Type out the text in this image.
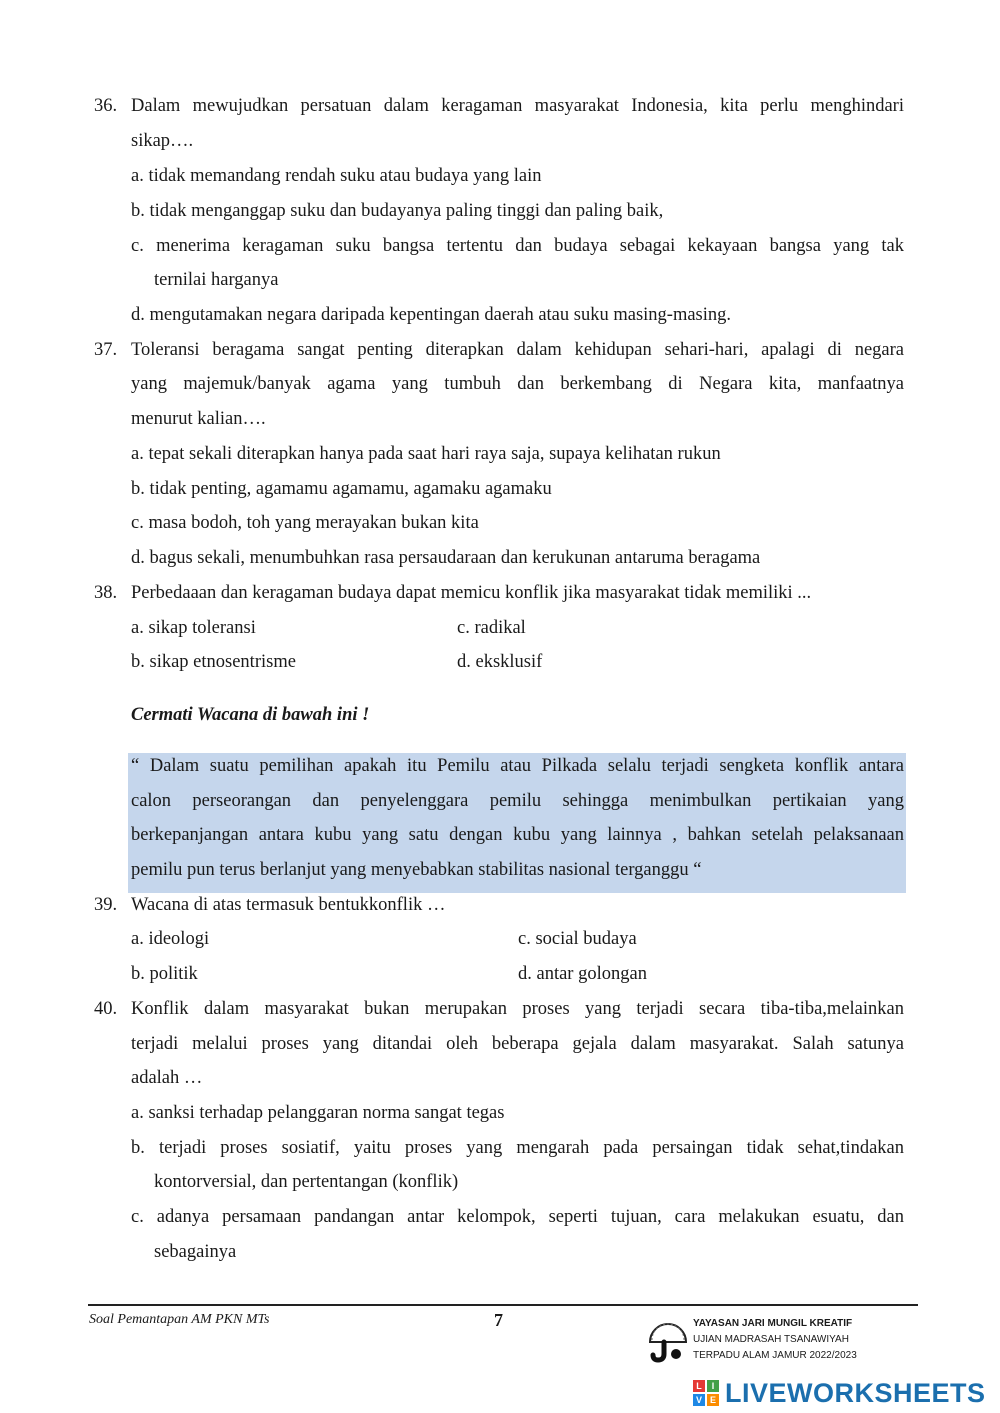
36. Dalam mewujudkan persatuan dalam keragaman masyarakat Indonesia, kita perlu menghindari
sikap….
a. tidak memandang rendah suku atau budaya yang lain
b. tidak menganggap suku dan budayanya paling tinggi dan paling baik,
c. menerima keragaman suku bangsa tertentu dan budaya sebagai kekayaan bangsa yang tak
ternilai harganya
d. mengutamakan negara daripada kepentingan daerah atau suku masing-masing.
37. Toleransi beragama sangat penting diterapkan dalam kehidupan sehari-hari, apalagi di negara
yang majemuk/banyak agama yang tumbuh dan berkembang di Negara kita, manfaatnya
menurut kalian….
a. tepat sekali diterapkan hanya pada saat hari raya saja, supaya kelihatan rukun
b. tidak penting, agamamu agamamu, agamaku agamaku
c. masa bodoh, toh yang merayakan bukan kita
d. bagus sekali, menumbuhkan rasa persaudaraan dan kerukunan antaruma beragama
38. Perbedaaan dan keragaman budaya dapat memicu konflik jika masyarakat tidak memiliki ...
a. sikap toleransi	c. radikal
b. sikap etnosentrisme	d. eksklusif
Cermati Wacana di bawah ini !
“ Dalam suatu pemilihan apakah itu Pemilu atau Pilkada selalu terjadi sengketa konflik antara
calon perseorangan dan penyelenggara pemilu sehingga menimbulkan pertikaian yang
berkepanjangan antara kubu yang satu dengan kubu yang lainnya , bahkan setelah pelaksanaan
pemilu pun terus berlanjut yang menyebabkan stabilitas nasional terganggu “
39. Wacana di atas termasuk bentukkonflik …
a. ideologi	c. social budaya
b. politik	d. antar golongan
40. Konflik dalam masyarakat bukan merupakan proses yang terjadi secara tiba-tiba,melainkan
terjadi melalui proses yang ditandai oleh beberapa gejala dalam masyarakat. Salah satunya
adalah …
a. sanksi terhadap pelanggaran norma sangat tegas
b. terjadi proses sosiatif, yaitu proses yang mengarah pada persaingan tidak sehat,tindakan
kontorversial, dan pertentangan (konflik)
c. adanya persamaan pandangan antar kelompok, seperti tujuan, cara melakukan esuatu, dan
sebagainya
Soal Pemantapan AM PKN MTs	7	YAYASAN JARI MUNGIL KREATIF
UJIAN MADRASAH TSANAWIYAH
TERPADU ALAM JAMUR 2022/2023
L	I
V E LIVEWORKSHEETS
